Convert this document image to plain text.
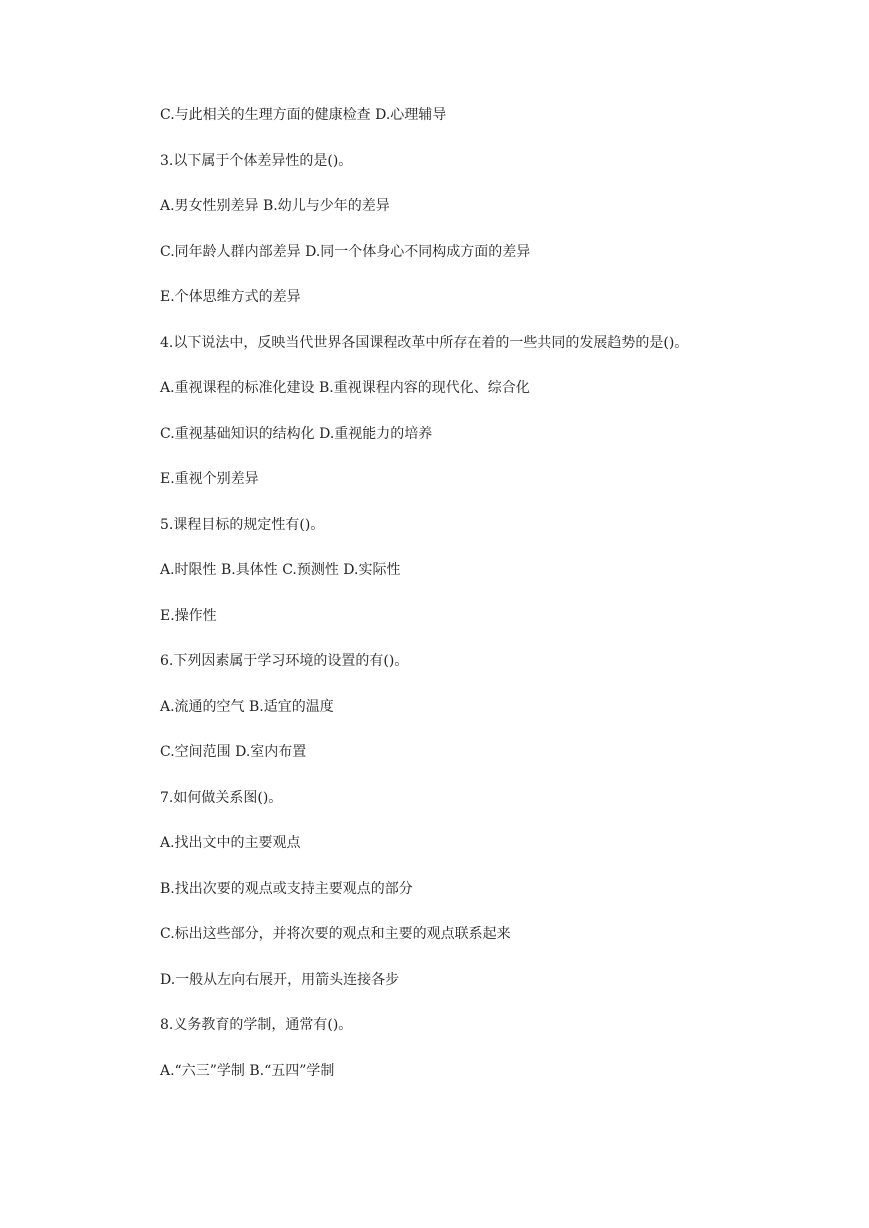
C.与此相关的生理方面的健康检查 D.心理辅导

3.以下属于个体差异性的是()。

A.男女性别差异 B.幼儿与少年的差异

C.同年龄人群内部差异 D.同一个体身心不同构成方面的差异

E.个体思维方式的差异

4.以下说法中，反映当代世界各国课程改革中所存在着的一些共同的发展趋势的是()。

A.重视课程的标准化建设 B.重视课程内容的现代化、综合化

C.重视基础知识的结构化 D.重视能力的培养

E.重视个别差异

5.课程目标的规定性有()。

A.时限性 B.具体性 C.预测性 D.实际性

E.操作性

6.下列因素属于学习环境的设置的有()。

A.流通的空气 B.适宜的温度

C.空间范围 D.室内布置

7.如何做关系图()。

A.找出文中的主要观点

B.找出次要的观点或支持主要观点的部分

C.标出这些部分，并将次要的观点和主要的观点联系起来

D.一般从左向右展开，用箭头连接各步

8.义务教育的学制，通常有()。

A.“六三”学制 B.“五四”学制
